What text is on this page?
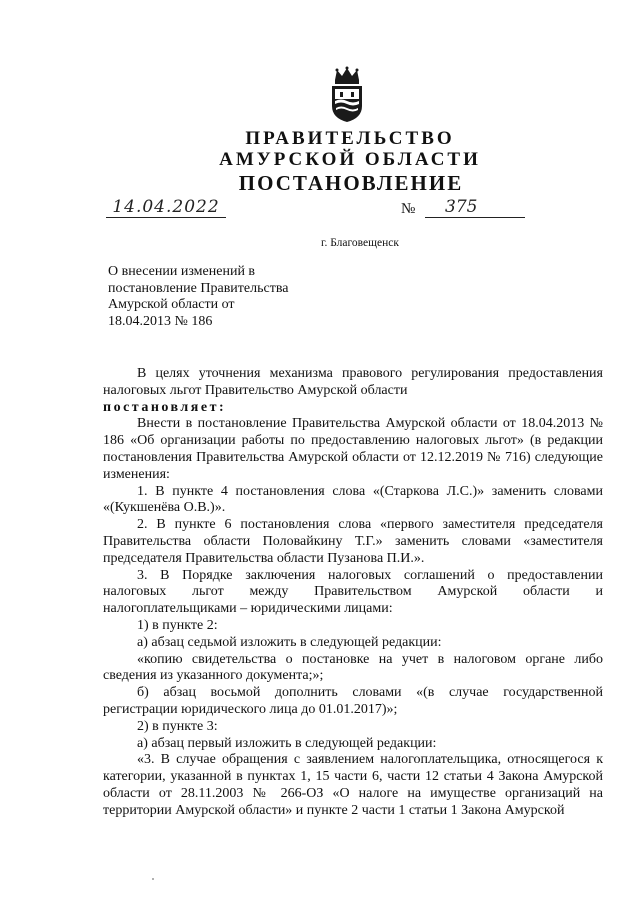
ПРАВИТЕЛЬСТВО
АМУРСКОЙ ОБЛАСТИ
ПОСТАНОВЛЕНИЕ
14.04.2022	№	375
г. Благовещенск
О внесении изменений в
постановление Правительства
Амурской области от
18.04.2013 № 186

В целях уточнения механизма правового регулирования предоставления налоговых льгот Правительство Амурской области

постановляет:

Внести в постановление Правительства Амурской области от 18.04.2013 № 186 «Об организации работы по предоставлению налоговых льгот» (в редакции постановления Правительства Амурской области от 12.12.2019 № 716) следующие изменения:

1. В пункте 4 постановления слова «(Старкова Л.С.)» заменить словами «(Кукшенёва О.В.)».

2. В пункте 6 постановления слова «первого заместителя председателя Правительства области Половайкину Т.Г.» заменить словами «заместителя председателя Правительства области Пузанова П.И.».

3. В Порядке заключения налоговых соглашений о предоставлении налоговых льгот между Правительством Амурской области и налогоплательщиками – юридическими лицами:

1) в пункте 2:

а) абзац седьмой изложить в следующей редакции:

«копию свидетельства о постановке на учет в налоговом органе либо сведения из указанного документа;»;

б) абзац восьмой дополнить словами «(в случае государственной регистрации юридического лица до 01.01.2017)»;

2) в пункте 3:

а) абзац первый изложить в следующей редакции:

«3. В случае обращения с заявлением налогоплательщика, относящегося к категории, указанной в пунктах 1, 15 части 6, части 12 статьи 4 Закона Амурской области от 28.11.2003 № 266-ОЗ «О налоге на имуществе организаций на территории Амурской области» и пункте 2 части 1 статьи 1 Закона Амурской
